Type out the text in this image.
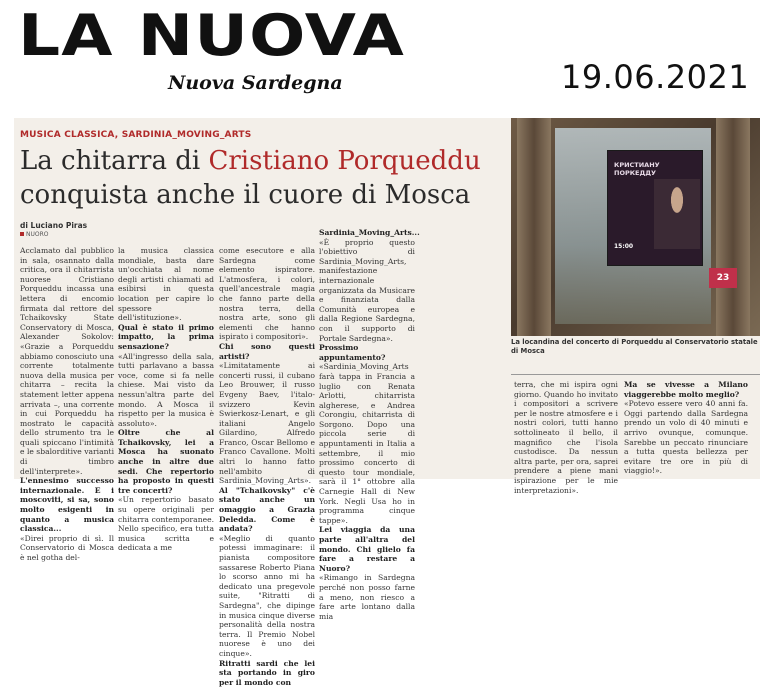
LA NUOVA
Nuova Sardegna	19.06.2021
MUSICA CLASSICA, SARDINIA_MOVING_ARTS
La chitarra di Cristiano Porqueddu
conquista anche il cuore di Mosca
di Luciano Piras
NUORO

Acclamato dal pubblico in sala, osannato dalla critica, ora il chitarrista nuorese Cristiano Porqueddu incassa una lettera di encomio firmata dal rettore del Tchaikovsky State Conservatory di Mosca, Alexander Sokolov: «Grazie a Porqueddu abbiamo conosciuto una corrente totalmente nuova della musica per chitarra – recita la statement letter appena arrivata –, una corrente in cui Porqueddu ha mostrato le capacità dello strumento tra le quali spiccano l'intimità e le sbalorditive varianti di timbro dell'interprete».

L'ennesimo successo internazionale. E i moscoviti, si sa, sono molto esigenti in quanto a musica classica...

«Direi proprio di sì. Il Conservatorio di Mosca è nel gotha del-

la musica classica mondiale, basta dare un'occhiata al nome degli artisti chiamati ad esibirsi in questa location per capire lo spessore dell'istituzione».

Qual è stato il primo impatto, la prima sensazione?

«All'ingresso della sala, tutti parlavano a bassa voce, come si fa nelle chiese. Mai visto da nessun'altra parte del mondo. A Mosca il rispetto per la musica è assoluto».

Oltre che al Tchaikovsky, lei a Mosca ha suonato anche in altre due sedi. Che repertorio ha proposto in questi tre concerti?

«Un repertorio basato su opere originali per chitarra contemporanee. Nello specifico, era tutta musica scritta e dedicata a me

come esecutore e alla Sardegna come elemento ispiratore. L'atmosfera, i colori, quell'ancestrale magia che fanno parte della nostra terra, della nostra arte, sono gli elementi che hanno ispirato i compositori».

Chi sono questi artisti?

«Limitatamente ai concerti russi, il cubano Leo Brouwer, il russo Evgeny Baev, l'italo-svizzero Kevin Swierkosz-Lenart, e gli italiani Angelo Gilardino, Alfredo Franco, Oscar Bellomo e Franco Cavallone. Molti altri lo hanno fatto nell'ambito di Sardinia_Moving_Arts».

Al "Tchaikovsky" c'è stato anche un omaggio a Grazia Deledda. Come è andata?

«Meglio di quanto potessi immaginare: il pianista compositore sassarese Roberto Piana lo scorso anno mi ha dedicato una pregevole suite, "Ritratti di Sardegna", che dipinge in musica cinque diverse personalità della nostra terra. Il Premio Nobel nuorese è uno dei cinque».

Ritratti sardi che lei sta portando in giro per il mondo con

Sardinia_Moving_Arts...

«È proprio questo l'obiettivo di Sardinia_Moving_Arts, manifestazione internazionale organizzata da Musicare e finanziata dalla Comunità europea e dalla Regione Sardegna, con il supporto di Portale Sardegna».

Prossimo appuntamento?

«Sardinia_Moving_Arts farà tappa in Francia a luglio con Renata Arlotti, chitarrista algherese, e Andrea Corongiu, chitarrista di Sorgono. Dopo una piccola serie di appuntamenti in Italia a settembre, il mio prossimo concerto di questo tour mondiale, sarà il 1° ottobre alla Carnegie Hall di New York. Negli Usa ho in programma cinque tappe».

Lei viaggia da una parte all'altra del mondo. Chi glielo fa fare a restare a Nuoro?

«Rimango in Sardegna perché non posso farne a meno, non riesco a fare arte lontano dalla mia

КРИСТИАНУ ПОРКЕДДУ
15:00
23
La locandina del concerto di Porqueddu al Conservatorio statale di Mosca

terra, che mi ispira ogni giorno. Quando ho invitato i compositori a scrivere per le nostre atmosfere e i nostri colori, tutti hanno sottolineato il bello, il magnifico che l'isola custodisce. Da nessun altra parte, per ora, saprei prendere a piene mani ispirazione per le mie interpretazioni».

Ma se vivesse a Milano viaggerebbe molto meglio?

«Potevo essere vero 40 anni fa. Oggi partendo dalla Sardegna prendo un volo di 40 minuti e arrivo ovunque, comunque. Sarebbe un peccato rinunciare a tutta questa bellezza per evitare tre ore in più di viaggio!».
